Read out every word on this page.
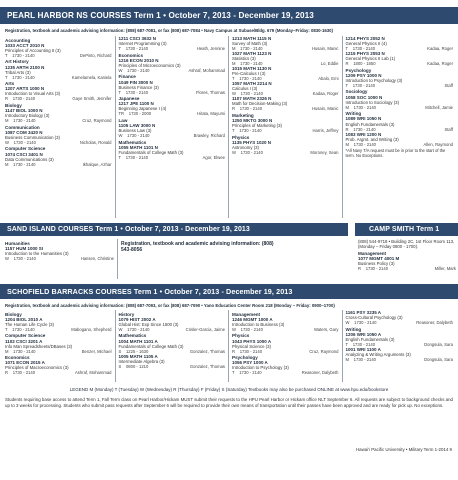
PEARL HARBOR NS COURSES Term 1 • October 7, 2013 - December 19, 2013
Registration, textbook and academic advising information: (808) 687-7081, or fax (808) 687-7084 • Navy Campus at Subase/Bldg. 679 (Monday–Friday: 0830-1630)
Accounting
1033 ACCT 2010 N
Principles of Accounting II (3)
T 1730 - 2140	DePinto, Richard
Art History
1235 ARTH 2100 N
Tribal Arts (3)
T 1730 - 2140	Kamelamela, Kaniela
Arts
1207 ARTS 1000 N
Introduction to Visual Arts (3)
R 1730 - 2140	Gaye Smith, Jennifer
Biology
1147 BIOL 1000 N
Introductory Biology (3)
M 1730 - 2140	Cruz, Raymond
Communication
1087 COM 3420 N
Business Communication (3)
W 1730 - 2140	Nicholas, Ronald
Computer Science
1074 CSCI 3401 N
Data Communications (3)
M 1730 - 2140	Ikhalque, Azhar
1211 CSCI 3632 N
Internet Programming (3)
T 1730 - 2140	Heath, Jennine
Economics
1216 ECON 2010 N
Principles of Microeconomics (3)
W 1730 - 2140	Ashraf, Mohammad
Finance
1049 FIN 3000 N
Business Finance (3)
T 1730 - 2140	Flores, Thomas
Japanese
1217 JPE 1100 N
Beginning Japanese I (4)
TR 1730 - 2000	Hirata, Mayumi
Law
1105 LAW 3000 N
Business Law (3)
W 1730 - 2140	Brawley, Richard
Mathematics
1055 MATH 1101 N
Fundamentals of College Math (3)
T 1730 - 2140	Agor, Elwee
1213 MATH 1115 N
Survey of Math (3)
M 1730 - 2140	Husain, Manic
1027 MATH 1123 N
Statistics (3)
M 1730 - 2140	Lo, Eddie
1015 MATH 1130 N
Pre-Calculus I (3)
T 1730 - 2140	Abalo, Emi
1057 MATH 2214 N
Calculus I (3)
W 1730 - 2140	Kadaa, Roger
1107 MATH 2326 N
Math for Decision-Making (3)
R 1730 - 2140	Husain, Manic
Marketing
1250 MKTG 3000 N
Principles of Marketing (3)
T 1730 - 2140	Harris, Jeffrey
Physics
1135 PHYS 1020 N
Astronomy (3)
W 1730 - 2140	Moroney, Sean
1214 PHYS 2052 N
General Physics II (4)
T 1730 - 2140	Kadaa, Roger
1215 PHYS 2053 N
General Physics II Lab (1)
R 1800 - 1850	Kadaa, Roger
Psychology
1209 PSY 1000 N
Introduction to Psychology (3)
T 1730 - 2140	Staff
Sociology
1058 SOC 1000 N
Introduction to Sociology (3)
M 1730 - 2140	Mitchell, Jamie
Writing
1089 WRI 1050 N
English Fundamentals (3)
R 1730 - 2140	Staff
1083 WRI 1200 N
Prob. Argmt. and Writing (3)
M 1730 - 2140	Allen, Raymond
*All Navy T/A request must be in prior to the start of the term. No Exceptions.
SAND ISLAND COURSES Term 1 • October 7, 2013 - December 19, 2013
Humanities
1157 HUM 1000 SI
Introduction to the Humanities (3)
W 1730 - 2140	Hansen, Christine
Registration, textbook and academic advising information: (808) 543-8056
CAMP SMITH Term 1
(808) 544-9718 • Building 2C, 1st Floor Room 113, (Monday – Friday 0800 - 1700).
Management
1077 MGMT 4001 M
Business Policy (3)
R 1730 - 2140	Miller, Mark
SCHOFIELD BARRACKS COURSES Term 1 • October 7, 2013 - December 19, 2013
Registration, textbook and academic advising information: (808) 687-7093, or fax (808) 687-7090 • Yano Education Center Room 218 (Monday – Friday: 0900–1700)
Biology
1204 BIOL 2010 A
The Human Life Cycle (3)
T 1730 - 2140	Mabogano, Shepherd
Computer Science
1102 CSCI 3201 A
Info Man Spreadsheets/DBases (3)
M 1730 - 2140	Benzer, Michael
Economics
1071 ECON 2015 A
Principles of Macroeconomics (3)
R 1730 - 2140	Ashraf, Mohammad
History
1079 HIST 2002 A
Global Hist: Exp Since 1500 (3)
W 1730 - 2140	Crisler-Garcia, Jaime
Mathematics
1004 MATH 1101 A
Fundamentals of College Math (3)
S 1225 - 1630	Gonzalez, Thomas
1005 MATH 1105 A
Intermediate Algebra (3)
S 0800 - 1210	Gonzalez, Thomas
Management
1246 MGMT 1000 A
Introduction to Business (3)
W 1730 - 2140	Waters, Gary
Physics
1043 PHYS 1000 A
Physical Science (3)
R 1730 - 2140	Cruz, Raymond
Psychology
1056 PSY 1000 A
Introduction to Psychology (3)
T 1730 - 2140	Reasoner, Dalybeth
1161 PSY 3235 A
Cross-Cultural Psychology (3)
W 1730 - 2140	Reasoner, Dalybeth
Writing
1206 WRI 1050 A
English Fundamentals (3)
T 1730 - 2140	Dongsula, Sara
1001 WRI 1100 A
Analyzing & Writing Arguments (3)
M 1730 - 2140	Dongsula, Sara
LEGEND M (Monday) T (Tuesday) W (Wednesday) R (Thursday) F (Friday) S (Saturday) Textbooks may also be purchased ONLINE at www.hpu.edu/bookstore
Students requiring base access to attend Term 1, Fall Term class on Pearl Harbor/Hickam MUST submit their requests to the HPU Pearl Harbor or Hickam office NLT September 6. All requests are subject to background checks and up to 3 weeks for processing. Students who submit pass requests after September 6 will be required to provide their own means of transportation until their passes have been approved and are ready for pick up. No exceptions.
Hawai'i Pacific University • Military Term 1-2014 9
